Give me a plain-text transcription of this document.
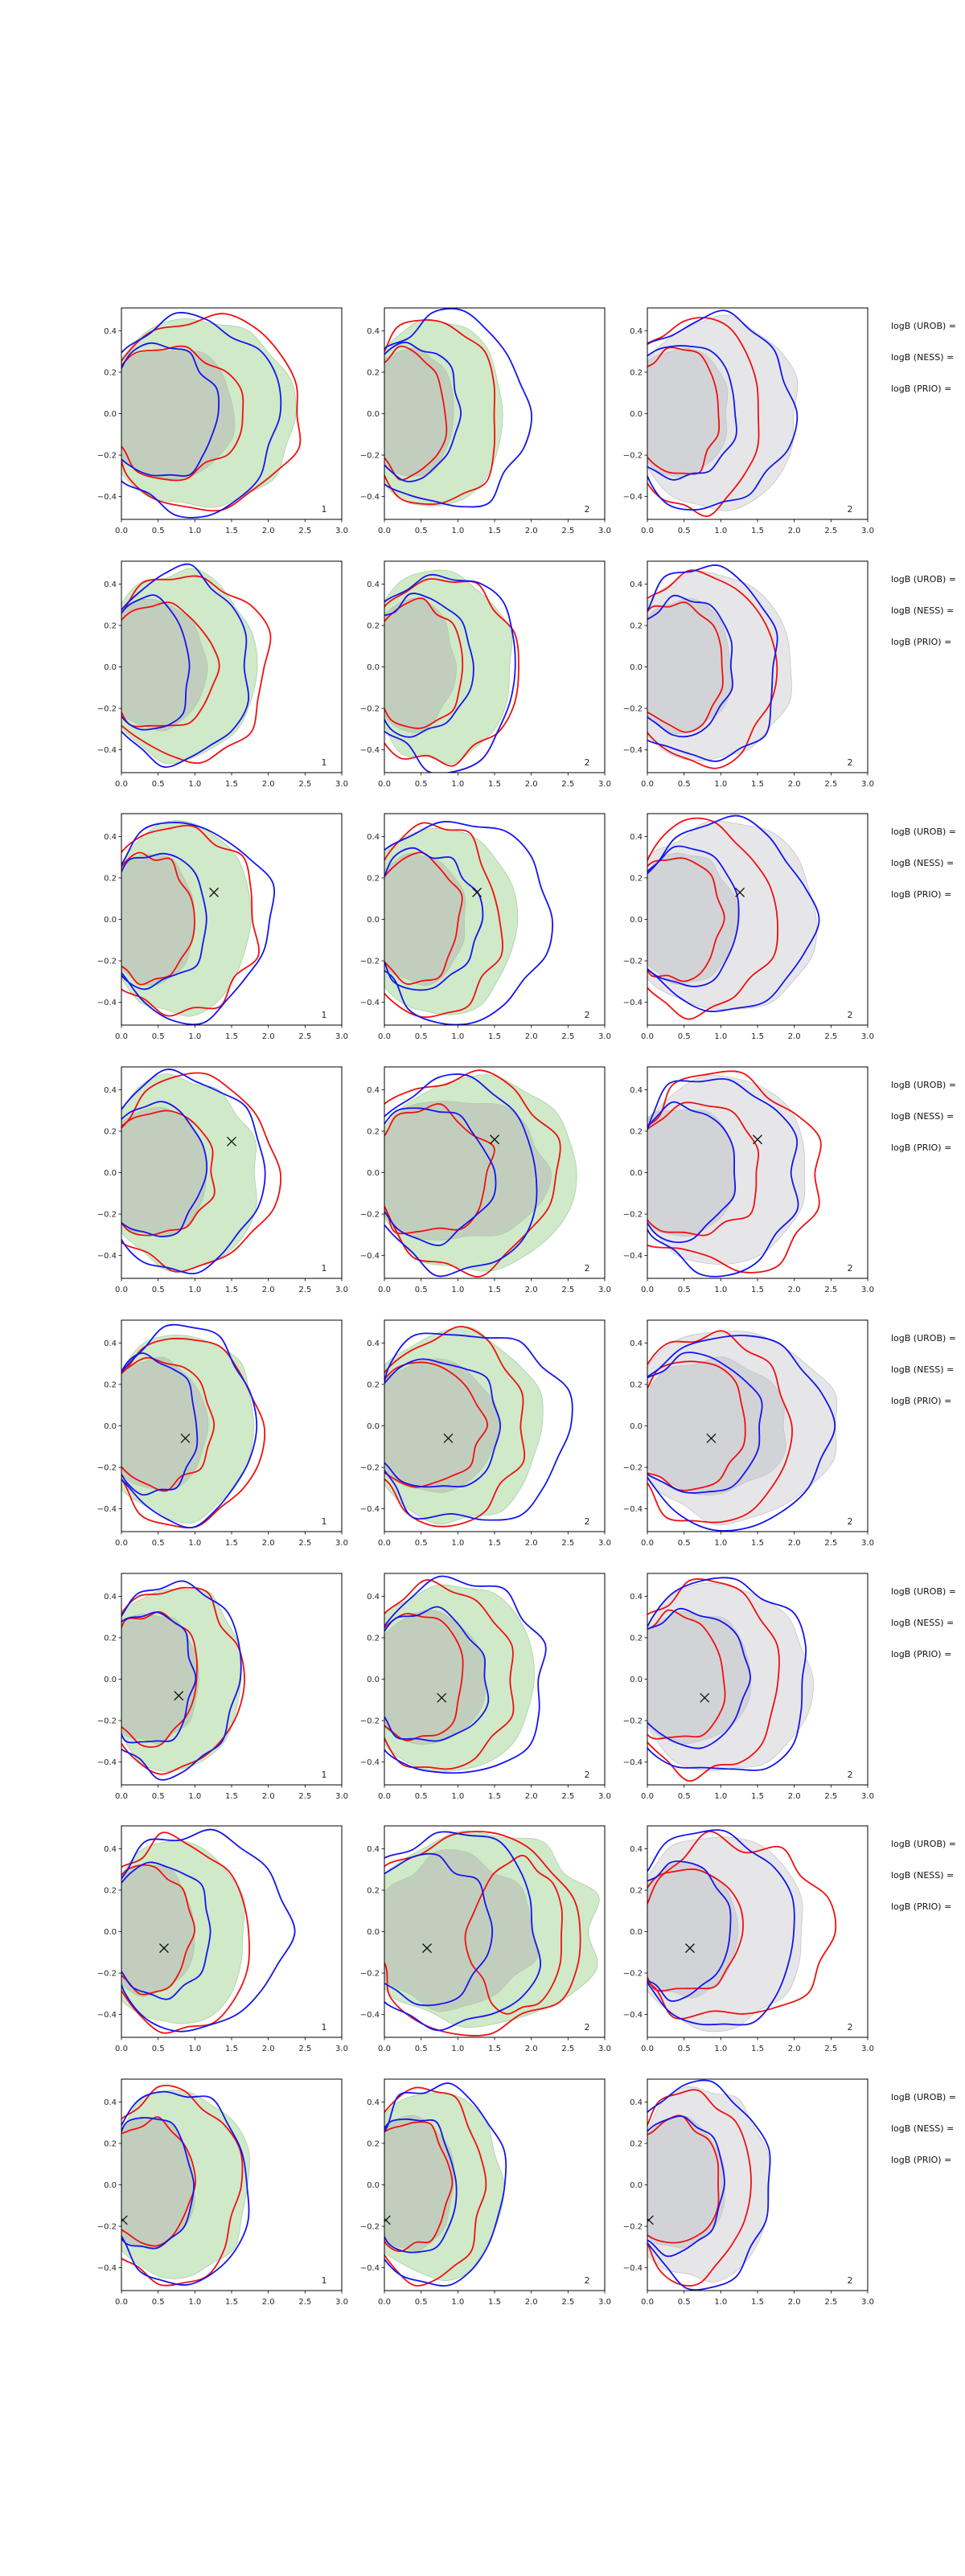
0.0	0.5	1.0	1.5	2.0	2.5	3.0
0.4
0.2
0.0
−0.2
−0.4
1
0.0	0.5	1.0	1.5	2.0	2.5	3.0
0.4
0.2
0.0
−0.2
−0.4
2
0.0	0.5	1.0	1.5	2.0	2.5	3.0
0.4
0.2
0.0
−0.2
−0.4
2
logB (UROB) =
logB (NESS) =
logB (PRIO) =
0.0	0.5	1.0	1.5	2.0	2.5	3.0
0.4
0.2
0.0
−0.2
−0.4
1
0.0	0.5	1.0	1.5	2.0	2.5	3.0
0.4
0.2
0.0
−0.2
−0.4
2
0.0	0.5	1.0	1.5	2.0	2.5	3.0
0.4
0.2
0.0
−0.2
−0.4
2
logB (UROB) =
logB (NESS) =
logB (PRIO) =
0.0	0.5	1.0	1.5	2.0	2.5	3.0
0.4
0.2
0.0
−0.2
−0.4
1
0.0	0.5	1.0	1.5	2.0	2.5	3.0
0.4
0.2
0.0
−0.2
−0.4
2
0.0	0.5	1.0	1.5	2.0	2.5	3.0
0.4
0.2
0.0
−0.2
−0.4
2
logB (UROB) =
logB (NESS) =
logB (PRIO) =
0.0	0.5	1.0	1.5	2.0	2.5	3.0
0.4
0.2
0.0
−0.2
−0.4
1
0.0	0.5	1.0	1.5	2.0	2.5	3.0
0.4
0.2
0.0
−0.2
−0.4
2
0.0	0.5	1.0	1.5	2.0	2.5	3.0
0.4
0.2
0.0
−0.2
−0.4
2
logB (UROB) =
logB (NESS) =
logB (PRIO) =
0.0	0.5	1.0	1.5	2.0	2.5	3.0
0.4
0.2
0.0
−0.2
−0.4
1
0.0	0.5	1.0	1.5	2.0	2.5	3.0
0.4
0.2
0.0
−0.2
−0.4
2
0.0	0.5	1.0	1.5	2.0	2.5	3.0
0.4
0.2
0.0
−0.2
−0.4
2
logB (UROB) =
logB (NESS) =
logB (PRIO) =
0.0	0.5	1.0	1.5	2.0	2.5	3.0
0.4
0.2
0.0
−0.2
−0.4
1
0.0	0.5	1.0	1.5	2.0	2.5	3.0
0.4
0.2
0.0
−0.2
−0.4
2
0.0	0.5	1.0	1.5	2.0	2.5	3.0
0.4
0.2
0.0
−0.2
−0.4
2
logB (UROB) =
logB (NESS) =
logB (PRIO) =
0.0	0.5	1.0	1.5	2.0	2.5	3.0
0.4
0.2
0.0
−0.2
−0.4
1
0.0	0.5	1.0	1.5	2.0	2.5	3.0
0.4
0.2
0.0
−0.2
−0.4
2
0.0	0.5	1.0	1.5	2.0	2.5	3.0
0.4
0.2
0.0
−0.2
−0.4
2
logB (UROB) =
logB (NESS) =
logB (PRIO) =
0.0	0.5	1.0	1.5	2.0	2.5	3.0
0.4
0.2
0.0
−0.2
−0.4
1
0.0	0.5	1.0	1.5	2.0	2.5	3.0
0.4
0.2
0.0
−0.2
−0.4
2
0.0	0.5	1.0	1.5	2.0	2.5	3.0
0.4
0.2
0.0
−0.2
−0.4
2
logB (UROB) =
logB (NESS) =
logB (PRIO) =
